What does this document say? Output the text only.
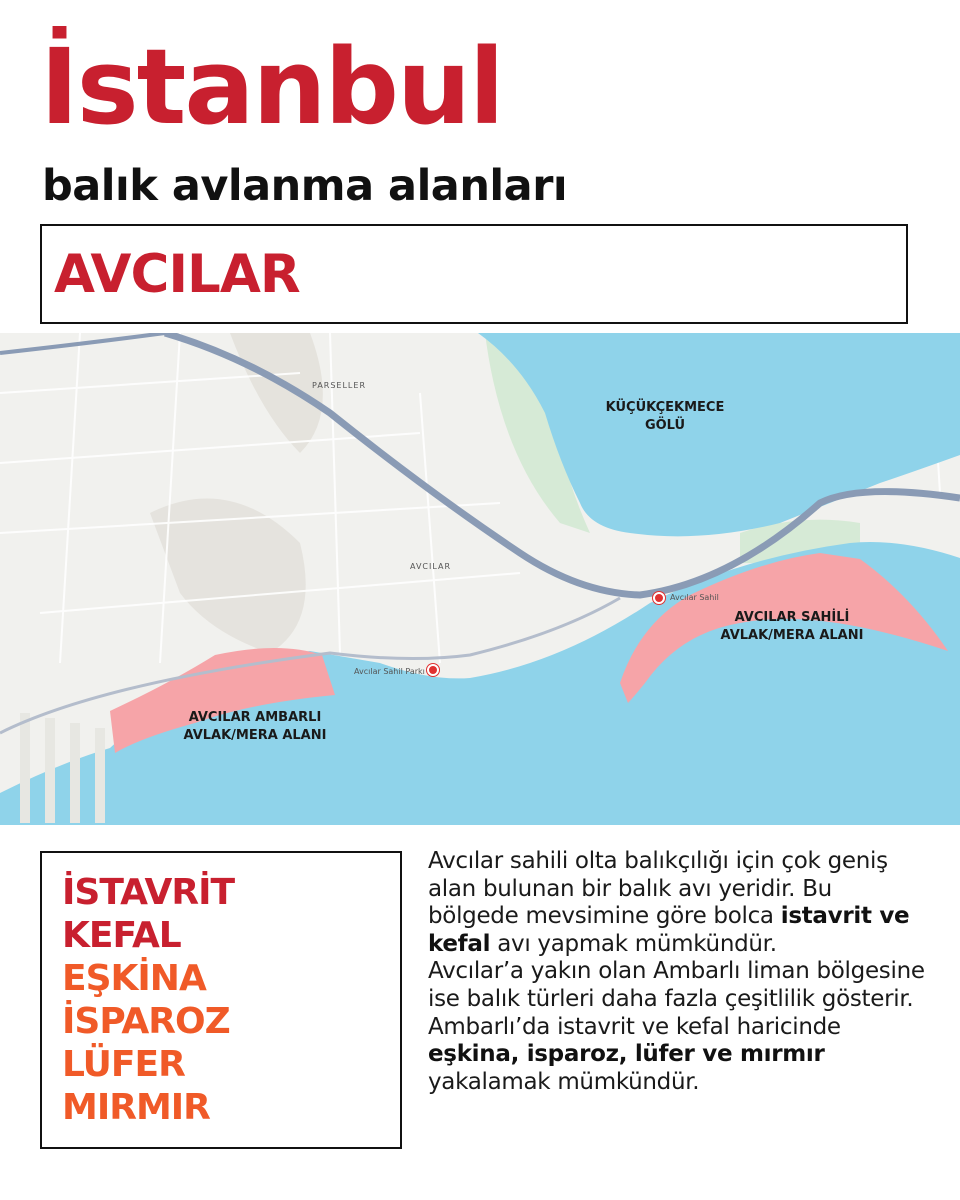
İstanbul
balık avlanma alanları
AVCILAR
KÜÇÜKÇEKMECE
GÖLÜ
AVCILAR SAHİLİ
AVLAK/MERA ALANI
AVCILAR AMBARLI
AVLAK/MERA ALANI
AVCILAR
PARSELLER
Avcılar Sahil
Avcılar Sahil Parkı
İSTAVRİT
KEFAL
EŞKİNA
İSPAROZ
LÜFER
MIRMIR
Avcılar sahili olta balıkçılığı için çok geniş alan bulunan bir balık avı yeridir. Bu bölgede mevsimine göre bolca istavrit ve kefal avı yapmak mümkündür.
Avcılar’a yakın olan Ambarlı liman bölgesine ise balık türleri daha fazla çeşitlilik gösterir. Ambarlı’da istavrit ve kefal haricinde eşkina, isparoz, lüfer ve mırmır yakalamak mümkündür.
